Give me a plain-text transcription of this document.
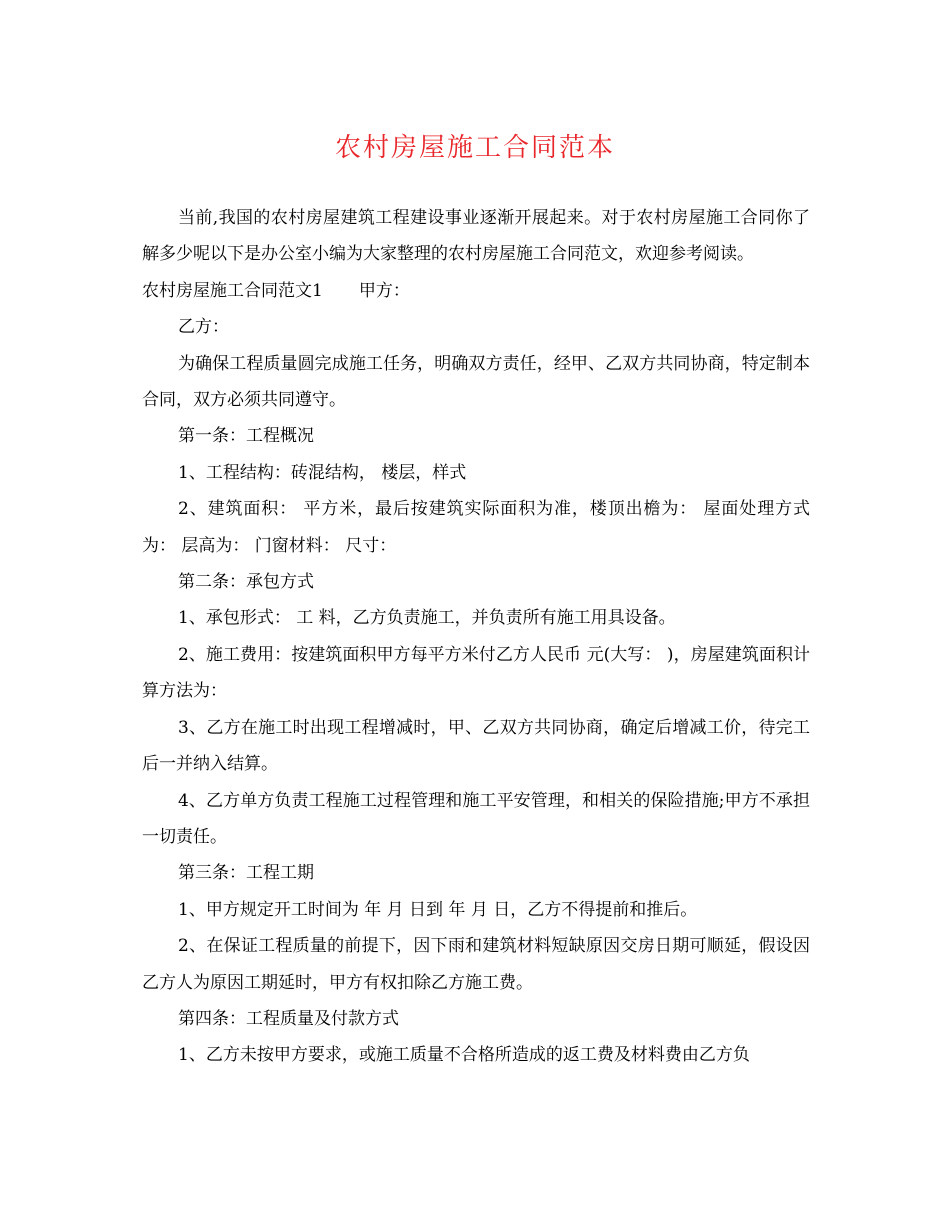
农村房屋施工合同范本

当前,我国的农村房屋建筑工程建设事业逐渐开展起来。对于农村房屋施工合同你了解多少呢以下是办公室小编为大家整理的农村房屋施工合同范文，欢迎参考阅读。

农村房屋施工合同范文1 甲方：

乙方：

为确保工程质量圆完成施工任务，明确双方责任，经甲、乙双方共同协商，特定制本合同，双方必须共同遵守。

第一条：工程概况

1、工程结构：砖混结构， 楼层，样式

2、建筑面积： 平方米，最后按建筑实际面积为准，楼顶出檐为： 屋面处理方式为： 层高为： 门窗材料： 尺寸：

第二条：承包方式

1、承包形式： 工 料，乙方负责施工，并负责所有施工用具设备。

2、施工费用：按建筑面积甲方每平方米付乙方人民币 元(大写： )，房屋建筑面积计算方法为：

3、乙方在施工时出现工程增减时，甲、乙双方共同协商，确定后增减工价，待完工后一并纳入结算。

4、乙方单方负责工程施工过程管理和施工平安管理，和相关的保险措施;甲方不承担一切责任。

第三条：工程工期

1、甲方规定开工时间为 年 月 日到 年 月 日，乙方不得提前和推后。

2、在保证工程质量的前提下，因下雨和建筑材料短缺原因交房日期可顺延，假设因乙方人为原因工期延时，甲方有权扣除乙方施工费。

第四条：工程质量及付款方式

1、乙方未按甲方要求，或施工质量不合格所造成的返工费及材料费由乙方负
